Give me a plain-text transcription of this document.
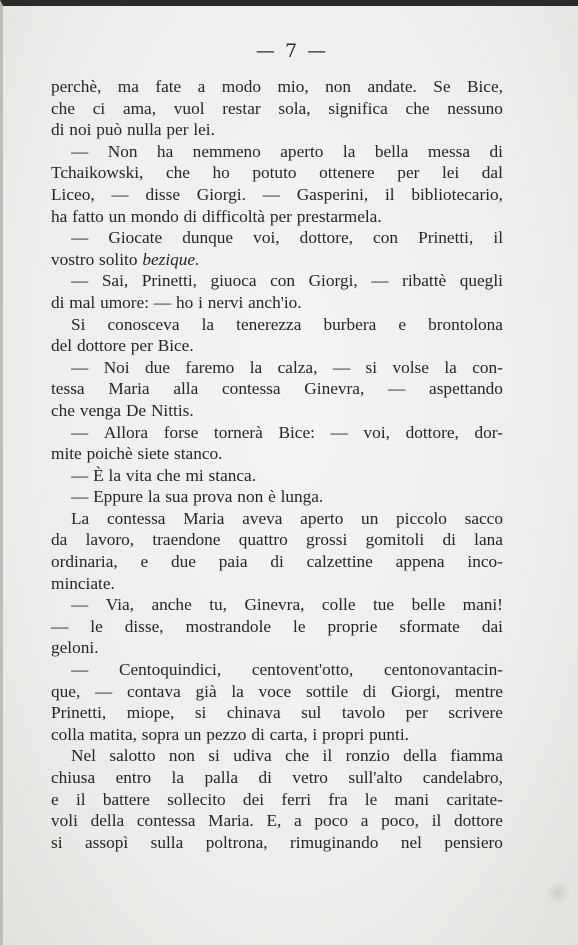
— 7 —
perchè, ma fate a modo mio, non andate. Se Bice,
che ci ama, vuol restar sola, significa che nessuno
di noi può nulla per lei.
— Non ha nemmeno aperto la bella messa di
Tchaikowski, che ho potuto ottenere per lei dal
Liceo, — disse Giorgi. — Gasperini, il bibliotecario,
ha fatto un mondo di difficoltà per prestarmela.
— Giocate dunque voi, dottore, con Prinetti, il
vostro solito bezique.
— Sai, Prinetti, giuoca con Giorgi, — ribattè quegli
di mal umore: — ho i nervi anch'io.
Si conosceva la tenerezza burbera e brontolona
del dottore per Bice.
— Noi due faremo la calza, — si volse la con-
tessa Maria alla contessa Ginevra, — aspettando
che venga De Nittis.
— Allora forse tornerà Bice: — voi, dottore, dor-
mite poichè siete stanco.
— È la vita che mi stanca.
— Eppure la sua prova non è lunga.
La contessa Maria aveva aperto un piccolo sacco
da lavoro, traendone quattro grossi gomitoli di lana
ordinaria, e due paia di calzettine appena inco-
minciate.
— Via, anche tu, Ginevra, colle tue belle mani!
— le disse, mostrandole le proprie sformate dai
geloni.
— Centoquindici, centovent'otto, centonovantacin-
que, — contava già la voce sottile di Giorgi, mentre
Prinetti, miope, si chinava sul tavolo per scrivere
colla matita, sopra un pezzo di carta, i propri punti.
Nel salotto non si udiva che il ronzio della fiamma
chiusa entro la palla di vetro sull'alto candelabro,
e il battere sollecito dei ferri fra le mani caritate-
voli della contessa Maria. E, a poco a poco, il dottore
si assopì sulla poltrona, rimuginando nel pensiero
